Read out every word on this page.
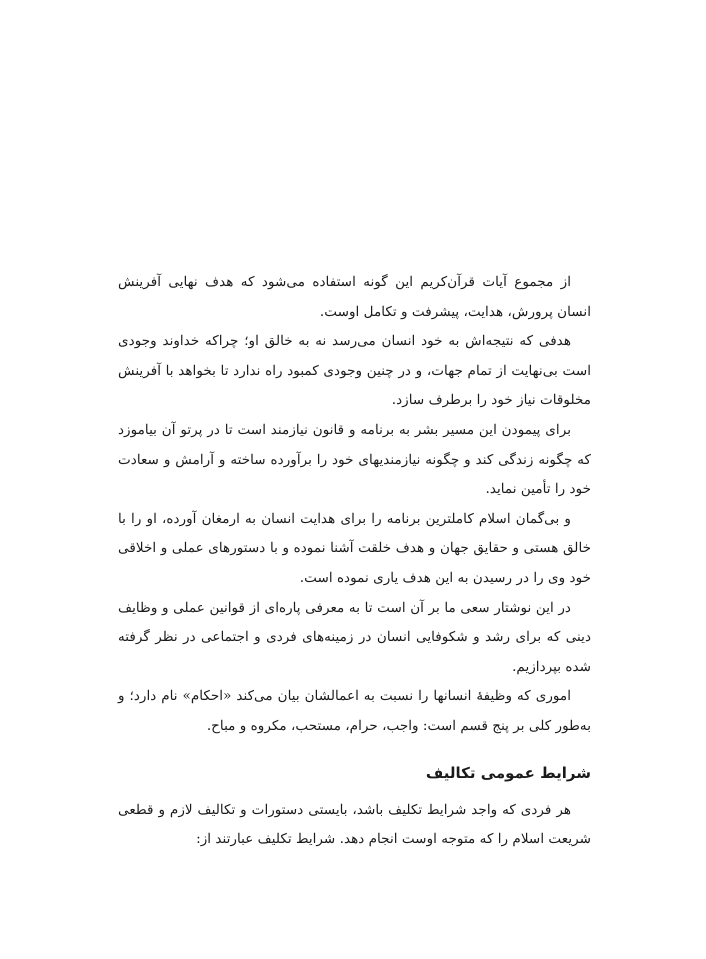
از مجموع آیات قرآن‌کریم این گونه استفاده می‌شود که هدف نهایی آفرینش انسان پرورش، هدایت، پیشرفت و تکامل اوست.

هدفی که نتیجه‌اش به خود انسان می‌رسد نه به خالق او؛ چراکه خداوند وجودی است بی‌نهایت از تمام جهات، و در چنین وجودی کمبود راه ندارد تا بخواهد با آفرینش مخلوقات نیاز خود را برطرف سازد.

برای پیمودن این مسیر بشر به برنامه و قانون نیازمند است تا در پرتو آن بیاموزد که چگونه زندگی کند و چگونه نیازمندیهای خود را برآورده ساخته و آرامش و سعادت خود را تأمین نماید.

و بی‌گمان اسلام کاملترین برنامه را برای هدایت انسان به ارمغان آورده، او را با خالق هستی و حقایق جهان و هدف خلقت آشنا نموده و با دستورهای عملی و اخلاقی خود وی را در رسیدن به این هدف یاری نموده است.

در این نوشتار سعی ما بر آن است تا به معرفی پاره‌ای از قوانین عملی و وظایف دینی که برای رشد و شکوفایی انسان در زمینه‌های فردی و اجتماعی در نظر گرفته شده بپردازیم.

اموری که وظیفهٔ انسانها را نسبت به اعمالشان بیان می‌کند «احکام» نام دارد؛ و به‌طور کلی بر پنج قسم است: واجب، حرام، مستحب، مکروه و مباح.

شرایط عمومی تکالیف

هر فردی که واجد شرایط تکلیف باشد، بایستی دستورات و تکالیف لازم و قطعی شریعت اسلام را که متوجه اوست انجام دهد. شرایط تکلیف عبارتند از:
